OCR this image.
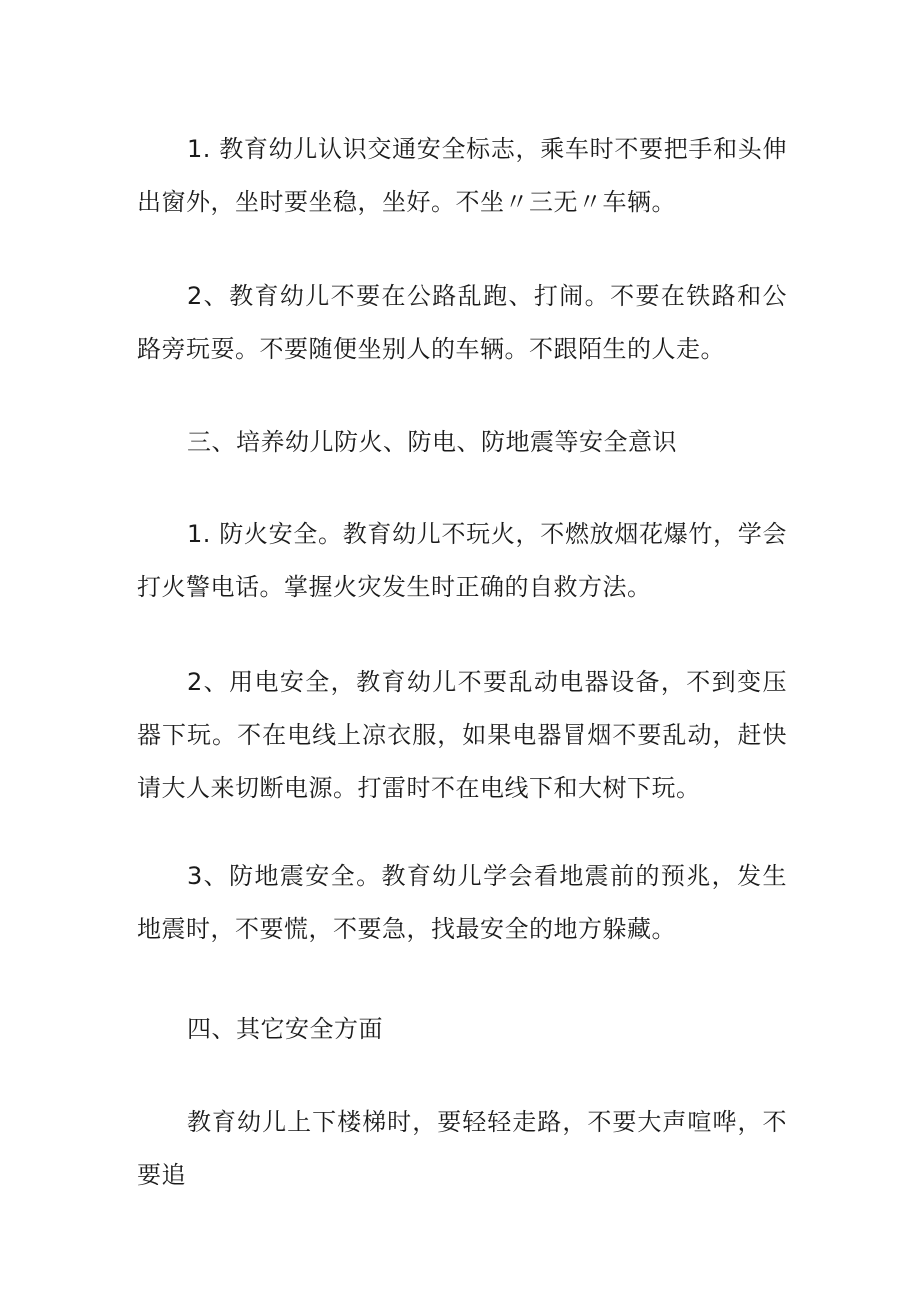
1. 教育幼儿认识交通安全标志，乘车时不要把手和头伸出窗外，坐时要坐稳，坐好。不坐〃三无〃车辆。

2、教育幼儿不要在公路乱跑、打闹。不要在铁路和公路旁玩耍。不要随便坐别人的车辆。不跟陌生的人走。

三、培养幼儿防火、防电、防地震等安全意识

1. 防火安全。教育幼儿不玩火，不燃放烟花爆竹，学会打火警电话。掌握火灾发生时正确的自救方法。

2、用电安全，教育幼儿不要乱动电器设备，不到变压器下玩。不在电线上凉衣服，如果电器冒烟不要乱动，赶快请大人来切断电源。打雷时不在电线下和大树下玩。

3、防地震安全。教育幼儿学会看地震前的预兆，发生地震时，不要慌，不要急，找最安全的地方躲藏。

四、其它安全方面

教育幼儿上下楼梯时，要轻轻走路，不要大声喧哗，不要追
